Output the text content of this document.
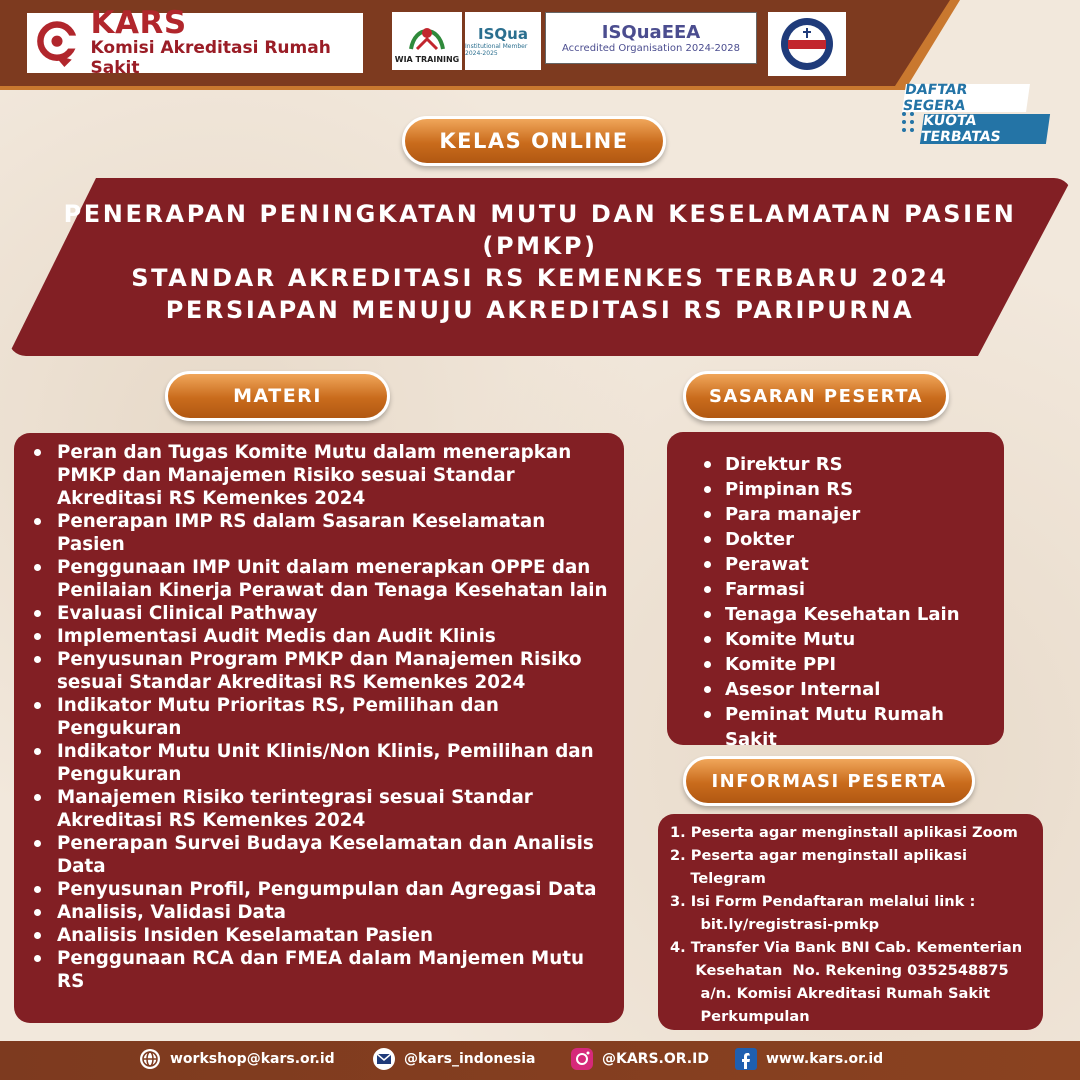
KARS
Komisi Akreditasi Rumah Sakit	WIA TRAINING
ISQua
Institutional Member 2024-2025
ISQuaEEA
Accredited Organisation 2024-2028
DAFTAR SEGERA
KUOTA TERBATAS
KELAS ONLINE
PENERAPAN PENINGKATAN MUTU DAN KESELAMATAN PASIEN
(PMKP)
STANDAR AKREDITASI RS KEMENKES TERBARU 2024
PERSIAPAN MENUJU AKREDITASI RS PARIPURNA
MATERI
Peran dan Tugas Komite Mutu dalam menerapkan PMKP dan Manajemen Risiko sesuai Standar Akreditasi RS Kemenkes 2024
Penerapan IMP RS dalam Sasaran Keselamatan Pasien
Penggunaan IMP Unit dalam menerapkan OPPE dan Penilaian Kinerja Perawat dan Tenaga Kesehatan lain
Evaluasi Clinical Pathway
Implementasi Audit Medis dan Audit Klinis
Penyusunan Program PMKP dan Manajemen Risiko sesuai Standar Akreditasi RS Kemenkes 2024
Indikator Mutu Prioritas RS, Pemilihan dan Pengukuran
Indikator Mutu Unit Klinis/Non Klinis, Pemilihan dan Pengukuran
Manajemen Risiko terintegrasi sesuai Standar Akreditasi RS Kemenkes 2024
Penerapan Survei Budaya Keselamatan dan Analisis Data
Penyusunan Profil, Pengumpulan dan Agregasi Data
Analisis, Validasi Data
Analisis Insiden Keselamatan Pasien
Penggunaan RCA dan FMEA dalam Manjemen Mutu RS
SASARAN PESERTA
Direktur RS
Pimpinan RS
Para manajer
Dokter
Perawat
Farmasi
Tenaga Kesehatan Lain
Komite Mutu
Komite PPI
Asesor Internal
Peminat Mutu Rumah Sakit
INFORMASI PESERTA
1. Peserta agar menginstall aplikasi Zoom
2. Peserta agar menginstall aplikasi
Telegram
3. Isi Form Pendaftaran melalui link :
bit.ly/registrasi-pmkp
4. Transfer Via Bank BNI Cab. Kementerian
Kesehatan  No. Rekening 0352548875
a/n. Komisi Akreditasi Rumah Sakit
Perkumpulan
workshop@kars.or.id	@kars_indonesia	@KARS.OR.ID	www.kars.or.id
